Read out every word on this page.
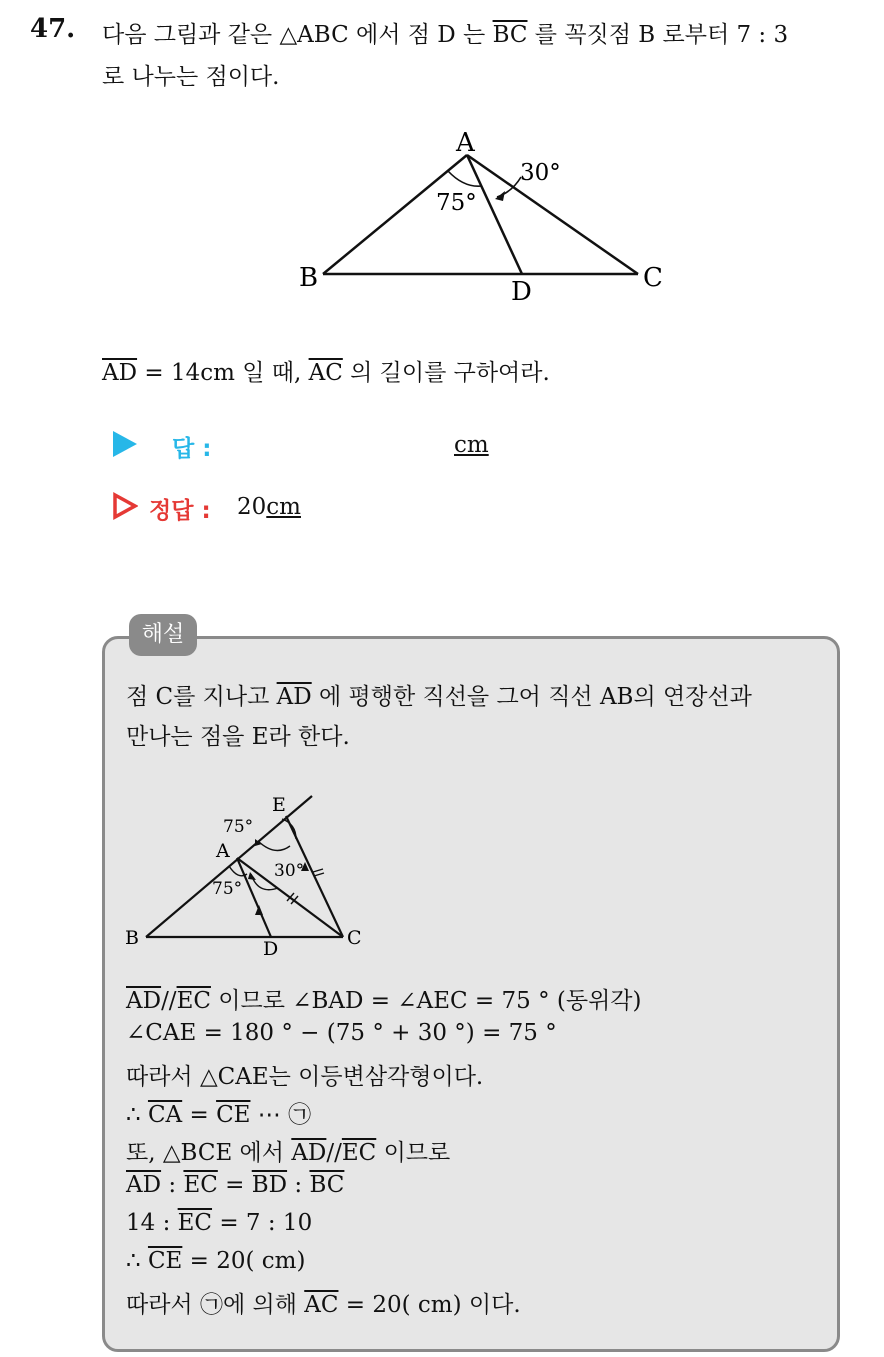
47. 다음 그림과 같은 △ABC 에서 점 D 는 $\overline{BC}$ 를 꼭짓점 B 로부터 7 : 3
로 나누는 점이다.
A
B	C
D
75°
30°
$\overline{AD} = 14cm$ 일 때, $\overline{AC}$ 의 길이를 구하여라.
답 :	cm
정답 : 20cm
해설
점 C를 지나고 $\overline{AD}$ 에 평행한 직선을 그어 직선 AB의 연장선과
만나는 점을 E라 한다.
E
A
B	C
D
75°
75°
30°
$\overline{AD}//\overline{EC}$ 이므로 ∠BAD = ∠AEC = 75 ° (동위각)
∠CAE = 180 ° − (75 ° + 30 °) = 75 °
따라서 △CAE는 이등변삼각형이다.
∴ $\overline{CA} = \overline{CE}$ ⋯ ㉠
또, △BCE 에서 $\overline{AD}//\overline{EC}$ 이므로
$\overline{AD}$ : $\overline{EC} = \overline{BD}$ : $\overline{BC}$
14 : $\overline{EC} = 7$ : 10
∴ $\overline{CE} = 20$( cm)
따라서 ㉠에 의해 $\overline{AC} = 20$( cm) 이다.
